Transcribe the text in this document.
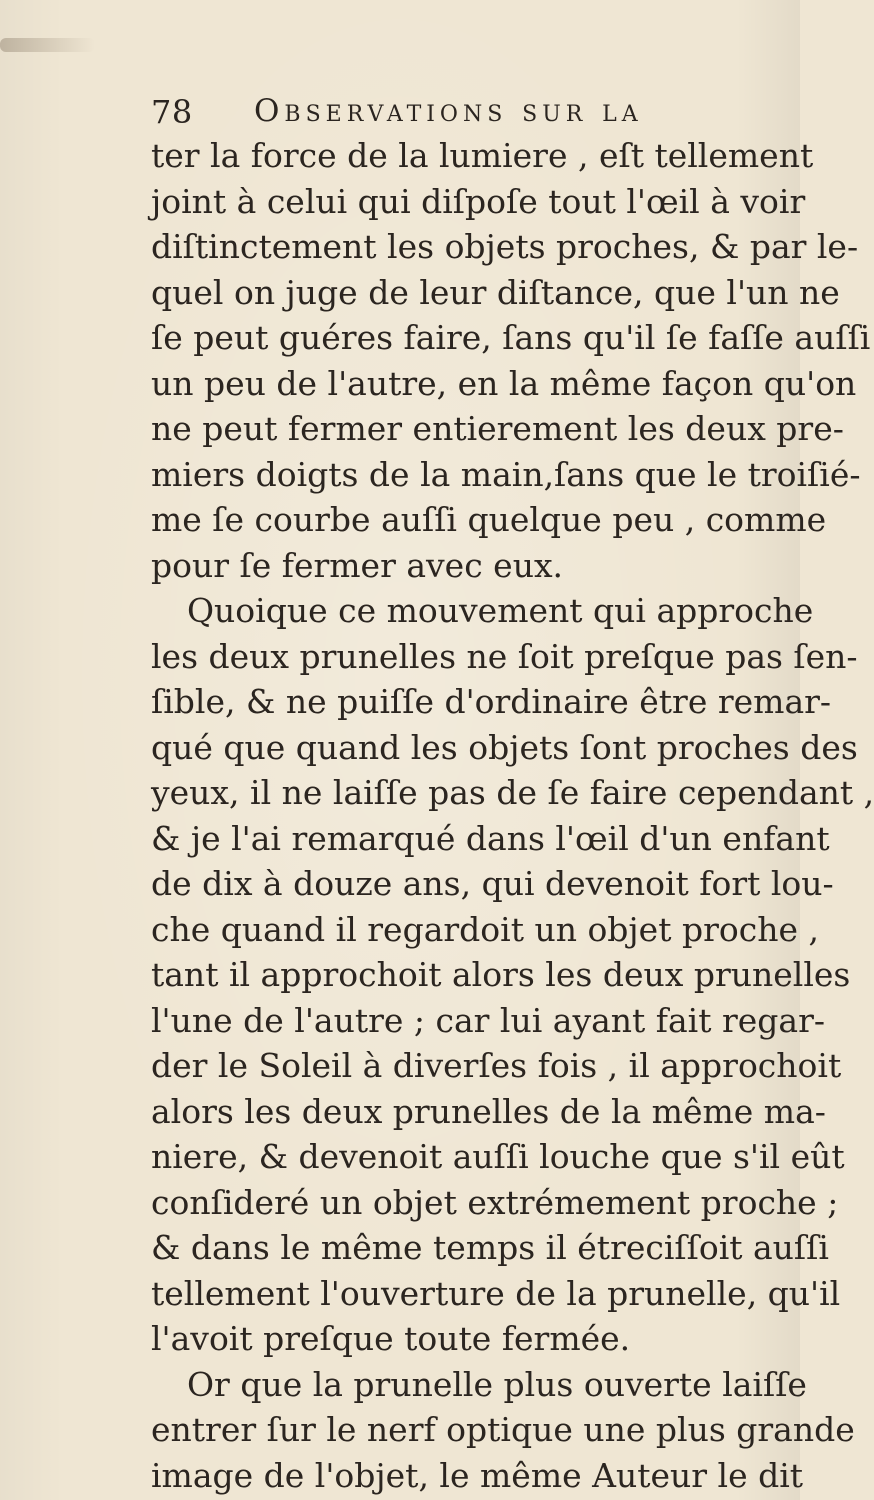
78 Observations sur la
ter la force de la lumiere , eſt tellement
joint à celui qui diſpoſe tout l'œil à voir
diſtinctement les objets proches, & par le-
quel on juge de leur diſtance, que l'un ne
ſe peut guéres faire, ſans qu'il ſe faſſe auſſi
un peu de l'autre, en la même façon qu'on
ne peut fermer entierement les deux pre-
miers doigts de la main,ſans que le troiſié-
me ſe courbe auſſi quelque peu , comme
pour ſe fermer avec eux.
Quoique ce mouvement qui approche
les deux prunelles ne ſoit preſque pas ſen-
ſible, & ne puiſſe d'ordinaire être remar-
qué que quand les objets ſont proches des
yeux, il ne laiſſe pas de ſe faire cependant ,
& je l'ai remarqué dans l'œil d'un enfant
de dix à douze ans, qui devenoit fort lou-
che quand il regardoit un objet proche ,
tant il approchoit alors les deux prunelles
l'une de l'autre ; car lui ayant fait regar-
der le Soleil à diverſes fois , il approchoit
alors les deux prunelles de la même ma-
niere, & devenoit auſſi louche que s'il eût
conſideré un objet extrémement proche ;
& dans le même temps il étreciſſoit auſſi
tellement l'ouverture de la prunelle, qu'il
l'avoit preſque toute fermée.
Or que la prunelle plus ouverte laiſſe
entrer ſur le nerf optique une plus grande
image de l'objet, le même Auteur le dit
